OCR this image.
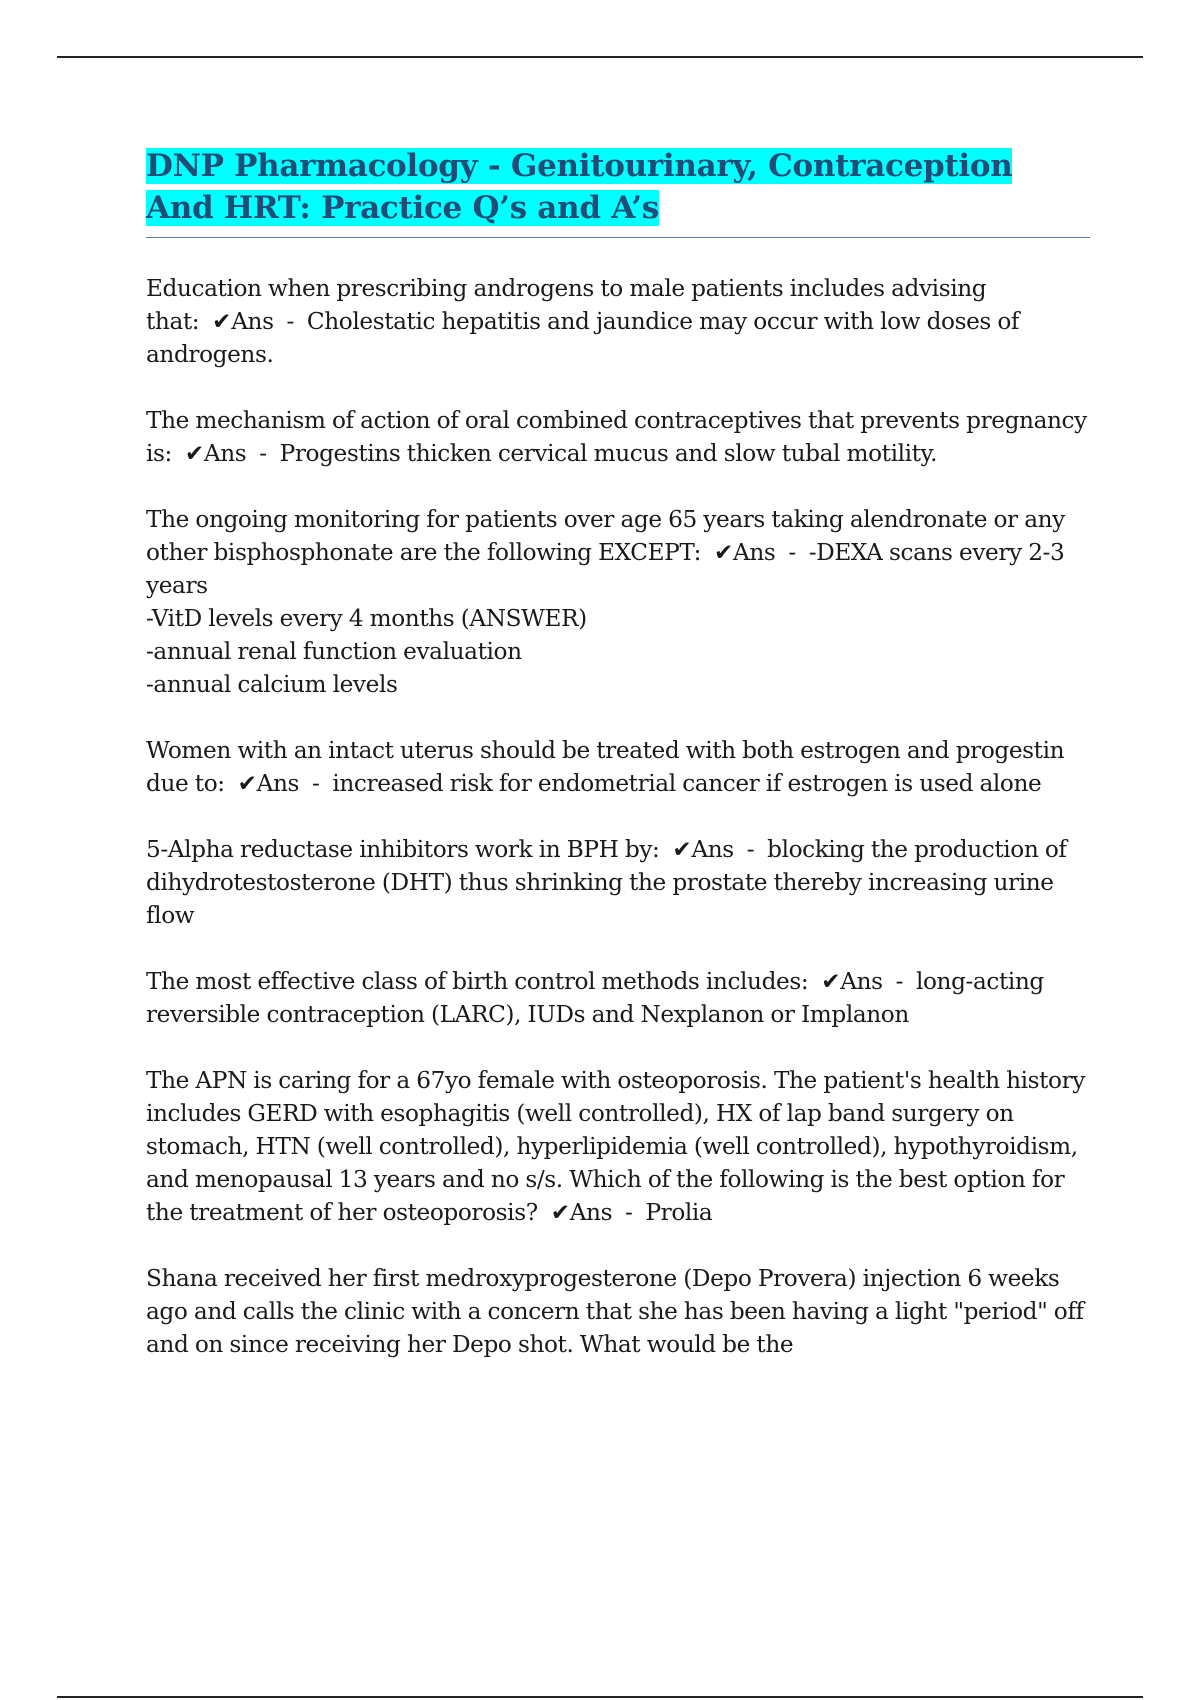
DNP Pharmacology - Genitourinary, Contraception And HRT: Practice Q’s and A’s

Education when prescribing androgens to male patients includes advising that: ✔Ans  -  Cholestatic hepatitis and jaundice may occur with low doses of androgens.

The mechanism of action of oral combined contraceptives that prevents pregnancy is: ✔Ans  -  Progestins thicken cervical mucus and slow tubal motility.

The ongoing monitoring for patients over age 65 years taking alendronate or any other bisphosphonate are the following EXCEPT: ✔Ans  -  -DEXA scans every 2-3 years
-VitD levels every 4 months (ANSWER)
-annual renal function evaluation
-annual calcium levels

Women with an intact uterus should be treated with both estrogen and progestin due to: ✔Ans  -  increased risk for endometrial cancer if estrogen is used alone

5-Alpha reductase inhibitors work in BPH by: ✔Ans  -  blocking the production of dihydrotestosterone (DHT) thus shrinking the prostate thereby increasing urine flow

The most effective class of birth control methods includes: ✔Ans  -  long-acting reversible contraception (LARC), IUDs and Nexplanon or Implanon

The APN is caring for a 67yo female with osteoporosis. The patient's health history includes GERD with esophagitis (well controlled), HX of lap band surgery on stomach, HTN (well controlled), hyperlipidemia (well controlled), hypothyroidism, and menopausal 13 years and no s/s. Which of the following is the best option for the treatment of her osteoporosis? ✔Ans  -  Prolia

Shana received her first medroxyprogesterone (Depo Provera) injection 6 weeks ago and calls the clinic with a concern that she has been having a light "period" off and on since receiving her Depo shot. What would be the
